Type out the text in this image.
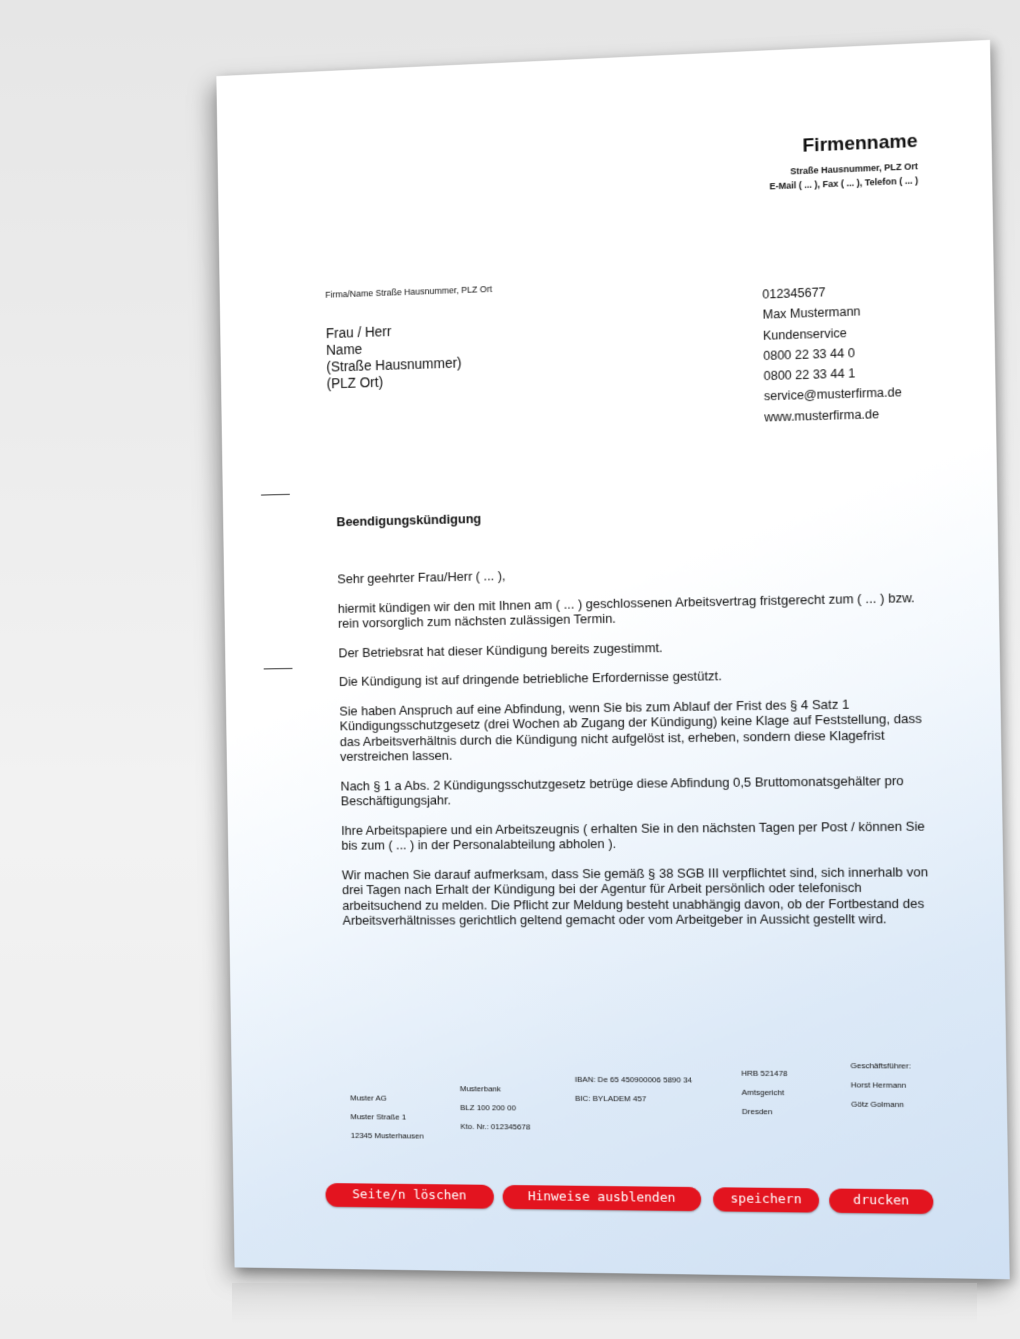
Firmenname
Straße Hausnummer, PLZ Ort
E-Mail ( ... ), Fax ( ... ), Telefon ( ... )
Firma/Name Straße Hausnummer, PLZ Ort
Frau / Herr
Name
(Straße Hausnummer)
(PLZ Ort)
012345677
Max Mustermann
Kundenservice
0800 22 33 44 0
0800 22 33 44 1
service@musterfirma.de
www.musterfirma.de
Beendigungskündigung

Sehr geehrter Frau/Herr ( ... ),

hiermit kündigen wir den mit Ihnen am ( ... ) geschlossenen Arbeitsvertrag fristgerecht zum ( ... ) bzw. rein vorsorglich zum nächsten zulässigen Termin.

Der Betriebsrat hat dieser Kündigung bereits zugestimmt.

Die Kündigung ist auf dringende betriebliche Erfordernisse gestützt.

Sie haben Anspruch auf eine Abfindung, wenn Sie bis zum Ablauf der Frist des § 4 Satz 1 Kündigungsschutzgesetz (drei Wochen ab Zugang der Kündigung) keine Klage auf Feststellung, dass das Arbeitsverhältnis durch die Kündigung nicht aufgelöst ist, erheben, sondern diese Klagefrist verstreichen lassen.

Nach § 1 a Abs. 2 Kündigungsschutzgesetz betrüge diese Abfindung 0,5 Bruttomonatsgehälter pro Beschäftigungsjahr.

Ihre Arbeitspapiere und ein Arbeitszeugnis ( erhalten Sie in den nächsten Tagen per Post / können Sie bis zum ( ... ) in der Personalabteilung abholen ).

Wir machen Sie darauf aufmerksam, dass Sie gemäß § 38 SGB III verpflichtet sind, sich innerhalb von drei Tagen nach Erhalt der Kündigung bei der Agentur für Arbeit persönlich oder telefonisch arbeitsuchend zu melden. Die Pflicht zur Meldung besteht unabhängig davon, ob der Fortbestand des Arbeitsverhältnisses gerichtlich geltend gemacht oder vom Arbeitgeber in Aussicht gestellt wird.

Muster AG
Muster Straße 1
12345 Musterhausen
Musterbank
BLZ 100 200 00
Kto. Nr.: 012345678
IBAN: De 65 450900006 5890 34
BIC: BYLADEM 457
HRB 521478
Amtsgericht
Dresden
Geschäftsführer:
Horst Hermann
Götz Golmann
Seite/n löschen	Hinweise ausblenden	speichern	drucken
